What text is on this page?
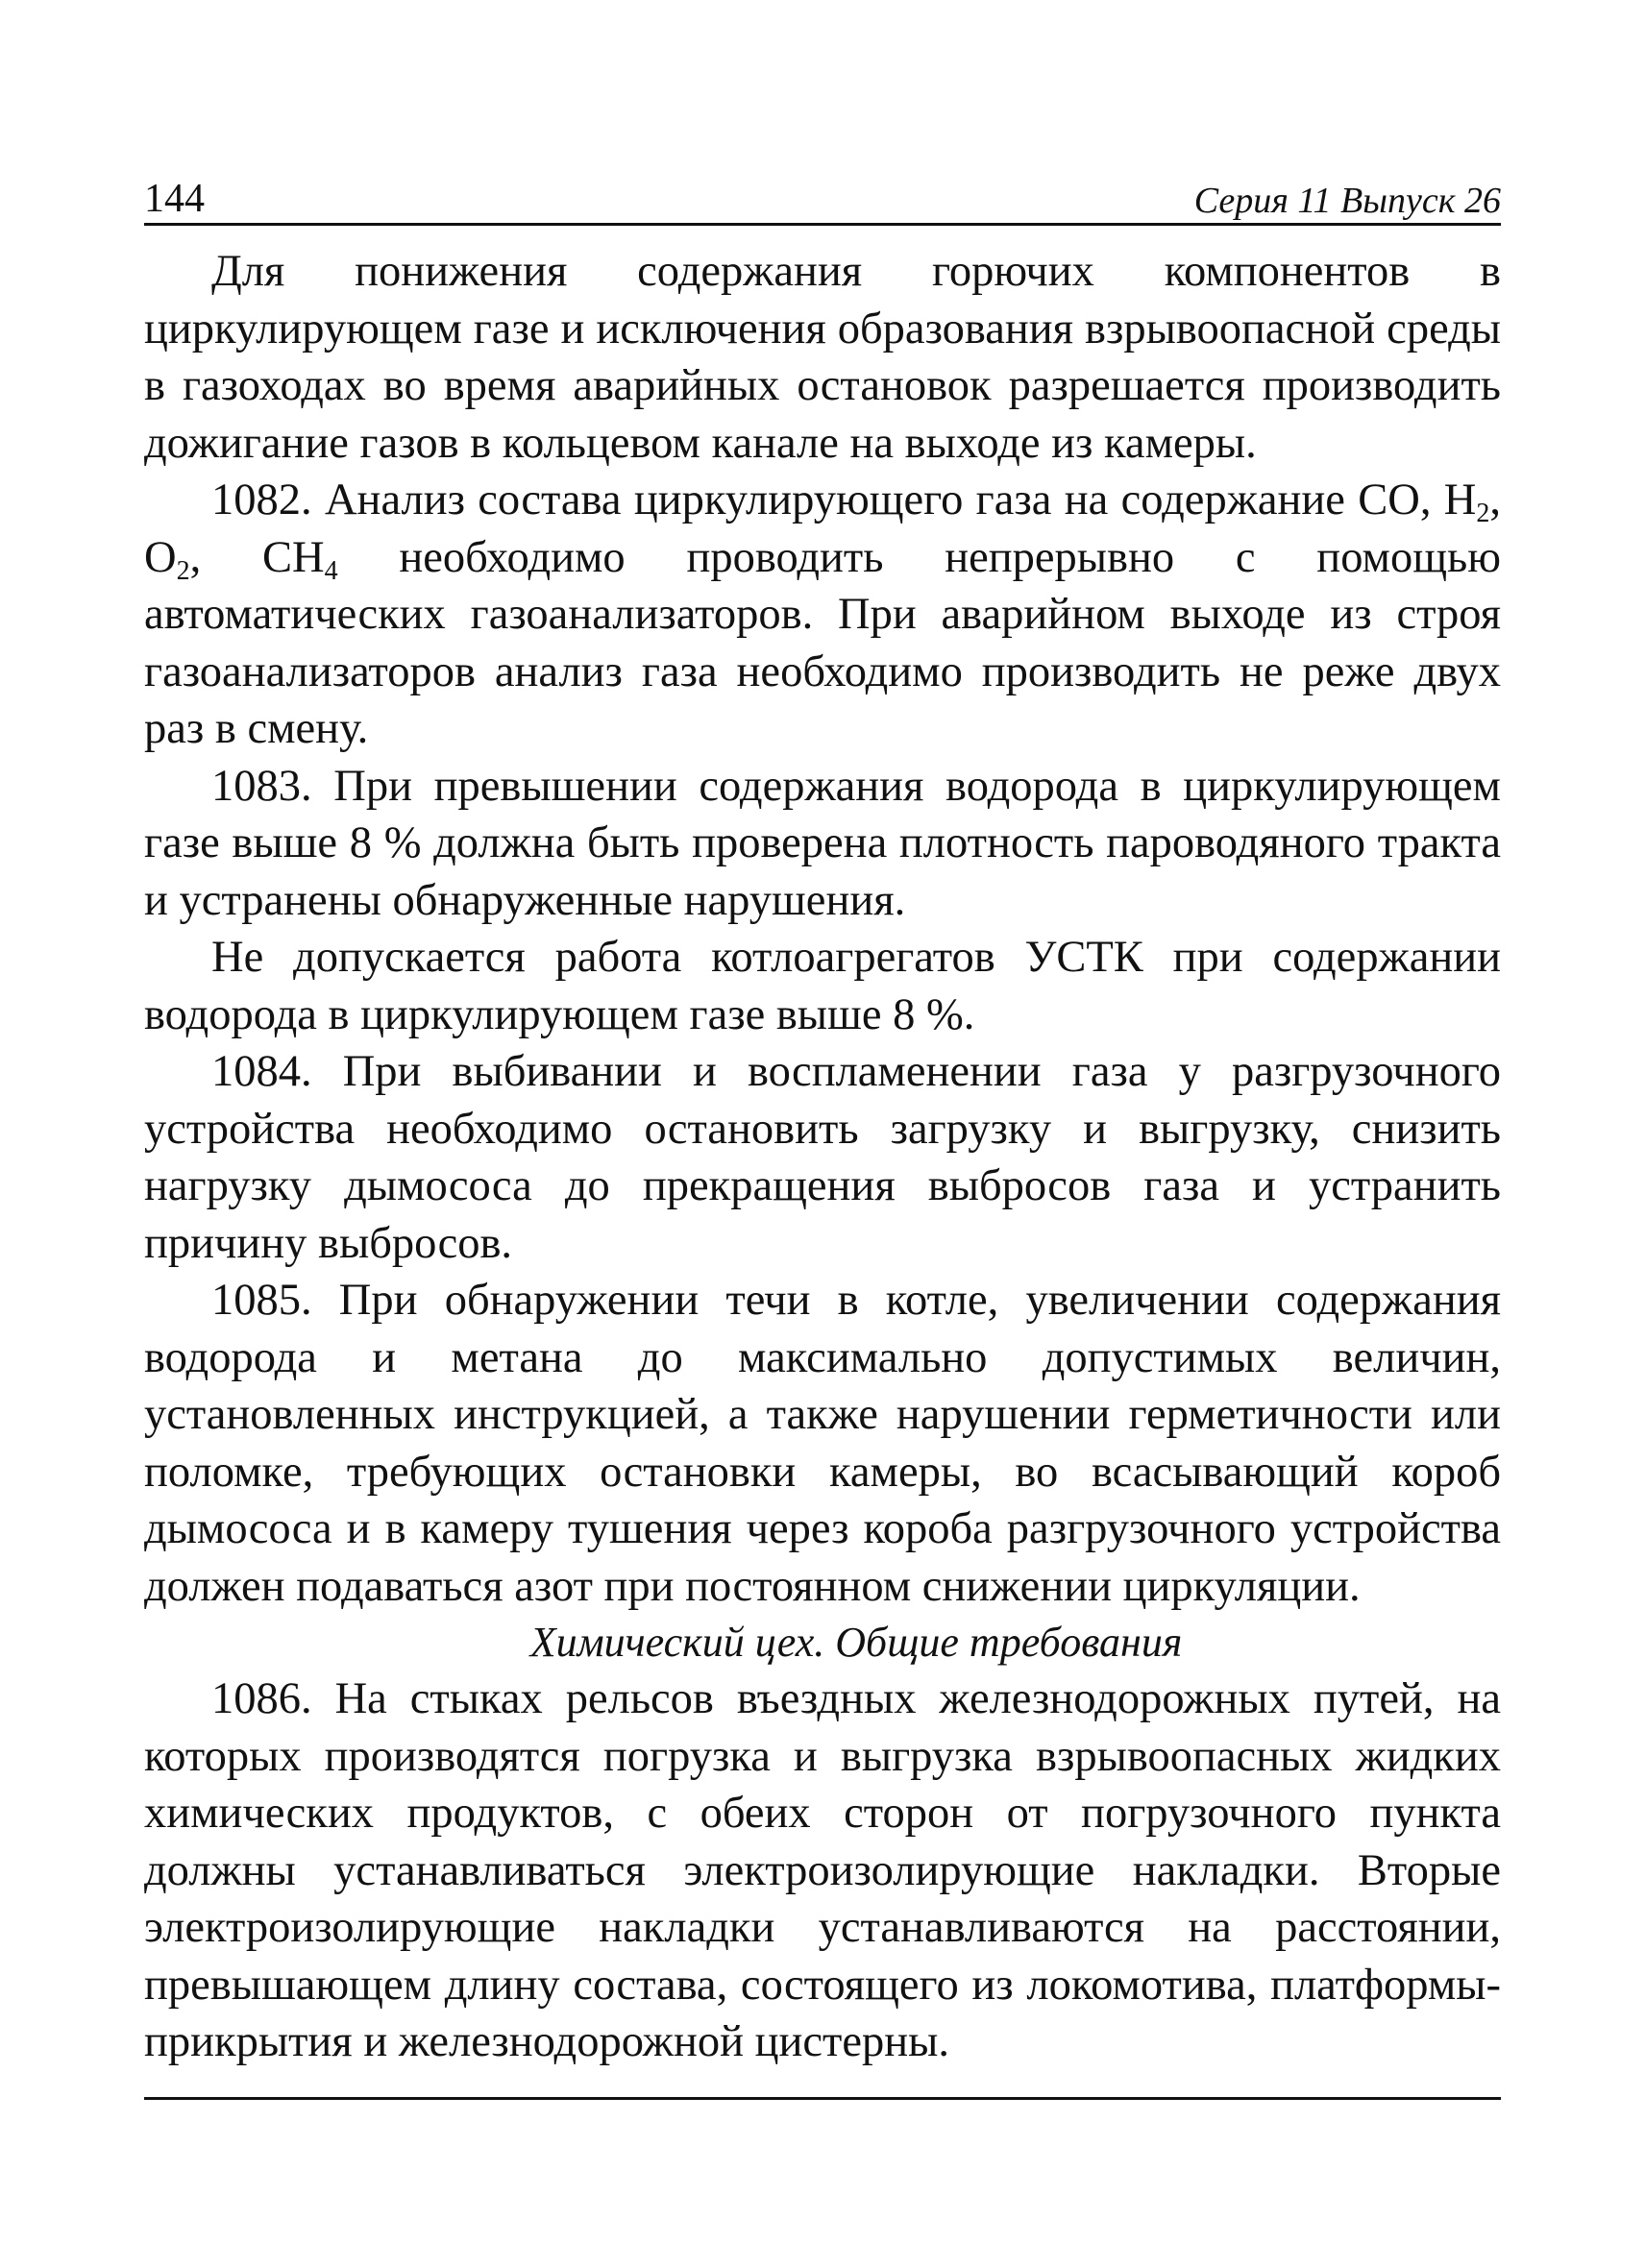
144	Серия 11 Выпуск 26

Для понижения содержания горючих компонентов в циркулирующем газе и исключения образования взрывоопасной среды в газоходах во время аварийных остановок разрешается производить дожигание газов в кольцевом канале на выходе из камеры.

1082. Анализ состава циркулирующего газа на содержание СО, $Н_2$, $О_2$, $СН_4$ необходимо проводить непрерывно с помощью автоматических газоанализаторов. При аварийном выходе из строя газоанализаторов анализ газа необходимо производить не реже двух раз в смену.

1083. При превышении содержания водорода в циркулирующем газе выше 8 % должна быть проверена плотность пароводяного тракта и устранены обнаруженные нарушения.

Не допускается работа котлоагрегатов УСТК при содержании водорода в циркулирующем газе выше 8 %.

1084. При выбивании и воспламенении газа у разгрузочного устройства необходимо остановить загрузку и выгрузку, снизить нагрузку дымососа до прекращения выбросов газа и устранить причину выбросов.

1085. При обнаружении течи в котле, увеличении содержания водорода и метана до максимально допустимых величин, установленных инструкцией, а также нарушении герметичности или поломке, требующих остановки камеры, во всасывающий короб дымососа и в камеру тушения через короба разгрузочного устройства должен подаваться азот при постоянном снижении циркуляции.

Химический цех. Общие требования

1086. На стыках рельсов въездных железнодорожных путей, на которых производятся погрузка и выгрузка взрывоопасных жидких химических продуктов, с обеих сторон от погрузочного пункта должны устанавливаться электроизолирующие накладки. Вторые электроизолирующие накладки устанавливаются на расстоянии, превышающем длину состава, состоящего из локомотива, платформы-прикрытия и железнодорожной цистерны.
